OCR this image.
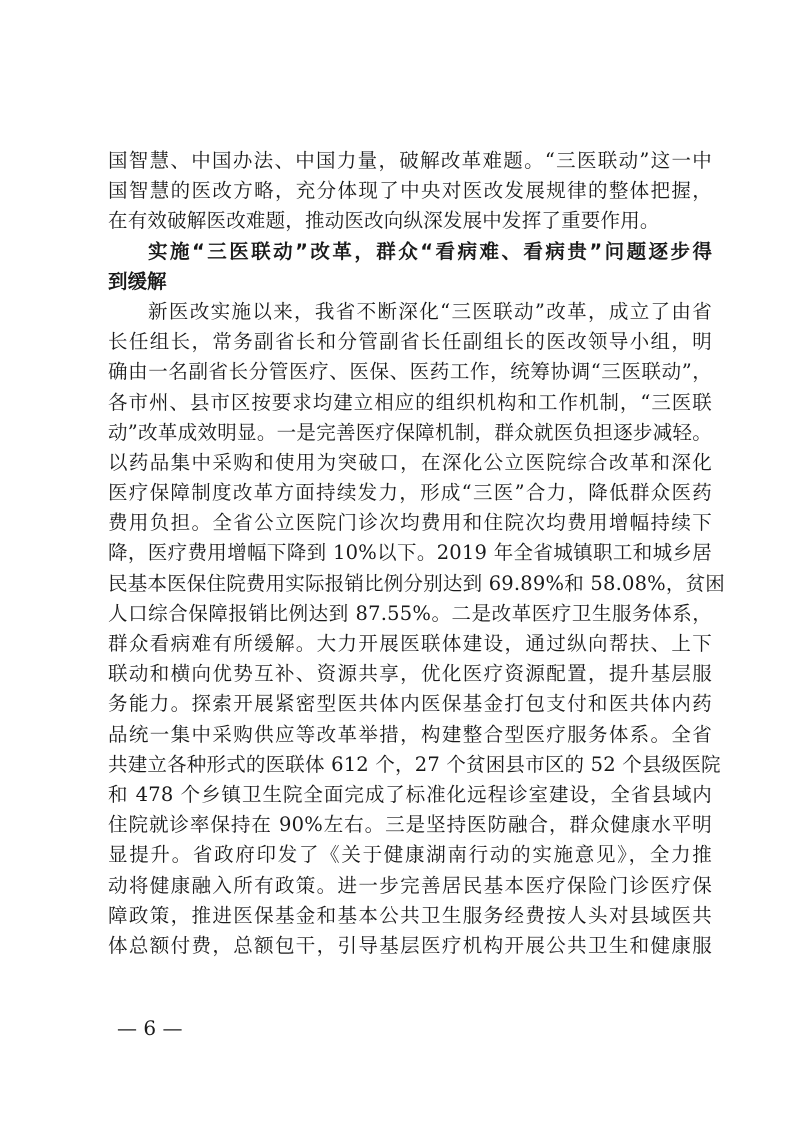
国智慧、中国办法、中国力量，破解改革难题。“三医联动”这一中
国智慧的医改方略，充分体现了中央对医改发展规律的整体把握，
在有效破解医改难题，推动医改向纵深发展中发挥了重要作用。
实施“三医联动”改革，群众“看病难、看病贵”问题逐步得
到缓解
新医改实施以来，我省不断深化“三医联动”改革，成立了由省
长任组长，常务副省长和分管副省长任副组长的医改领导小组，明
确由一名副省长分管医疗、医保、医药工作，统筹协调“三医联动”，
各市州、县市区按要求均建立相应的组织机构和工作机制，“三医联
动”改革成效明显。一是完善医疗保障机制，群众就医负担逐步减轻。
以药品集中采购和使用为突破口，在深化公立医院综合改革和深化
医疗保障制度改革方面持续发力，形成“三医”合力，降低群众医药
费用负担。全省公立医院门诊次均费用和住院次均费用增幅持续下
降，医疗费用增幅下降到 10%以下。2019 年全省城镇职工和城乡居
民基本医保住院费用实际报销比例分别达到 69.89%和 58.08%，贫困
人口综合保障报销比例达到 87.55%。二是改革医疗卫生服务体系，
群众看病难有所缓解。大力开展医联体建设，通过纵向帮扶、上下
联动和横向优势互补、资源共享，优化医疗资源配置，提升基层服
务能力。探索开展紧密型医共体内医保基金打包支付和医共体内药
品统一集中采购供应等改革举措，构建整合型医疗服务体系。全省
共建立各种形式的医联体 612 个，27 个贫困县市区的 52 个县级医院
和 478 个乡镇卫生院全面完成了标准化远程诊室建设，全省县域内
住院就诊率保持在 90%左右。三是坚持医防融合，群众健康水平明
显提升。省政府印发了《关于健康湖南行动的实施意见》，全力推
动将健康融入所有政策。进一步完善居民基本医疗保险门诊医疗保
障政策，推进医保基金和基本公共卫生服务经费按人头对县域医共
体总额付费，总额包干，引导基层医疗机构开展公共卫生和健康服
— 6 —
